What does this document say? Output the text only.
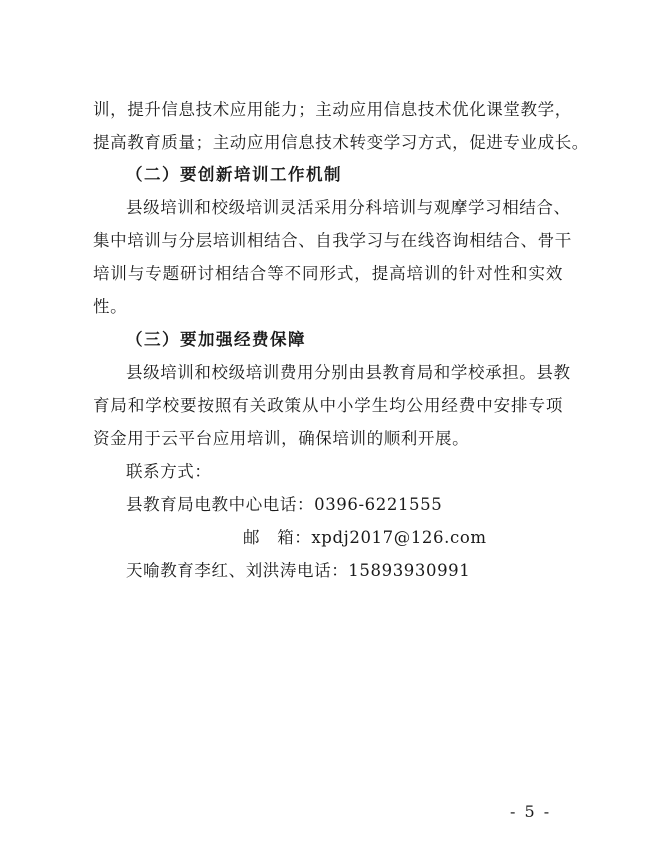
训，提升信息技术应用能力；主动应用信息技术优化课堂教学，
提高教育质量；主动应用信息技术转变学习方式，促进专业成长。
（二）要创新培训工作机制
县级培训和校级培训灵活采用分科培训与观摩学习相结合、
集中培训与分层培训相结合、自我学习与在线咨询相结合、骨干
培训与专题研讨相结合等不同形式，提高培训的针对性和实效
性。
（三）要加强经费保障
县级培训和校级培训费用分别由县教育局和学校承担。县教
育局和学校要按照有关政策从中小学生均公用经费中安排专项
资金用于云平台应用培训，确保培训的顺利开展。
联系方式：
县教育局电教中心电话：0396-6221555
邮　箱：xpdj2017@126.com
天喻教育李红、刘洪涛电话：15893930991
- 5 -
